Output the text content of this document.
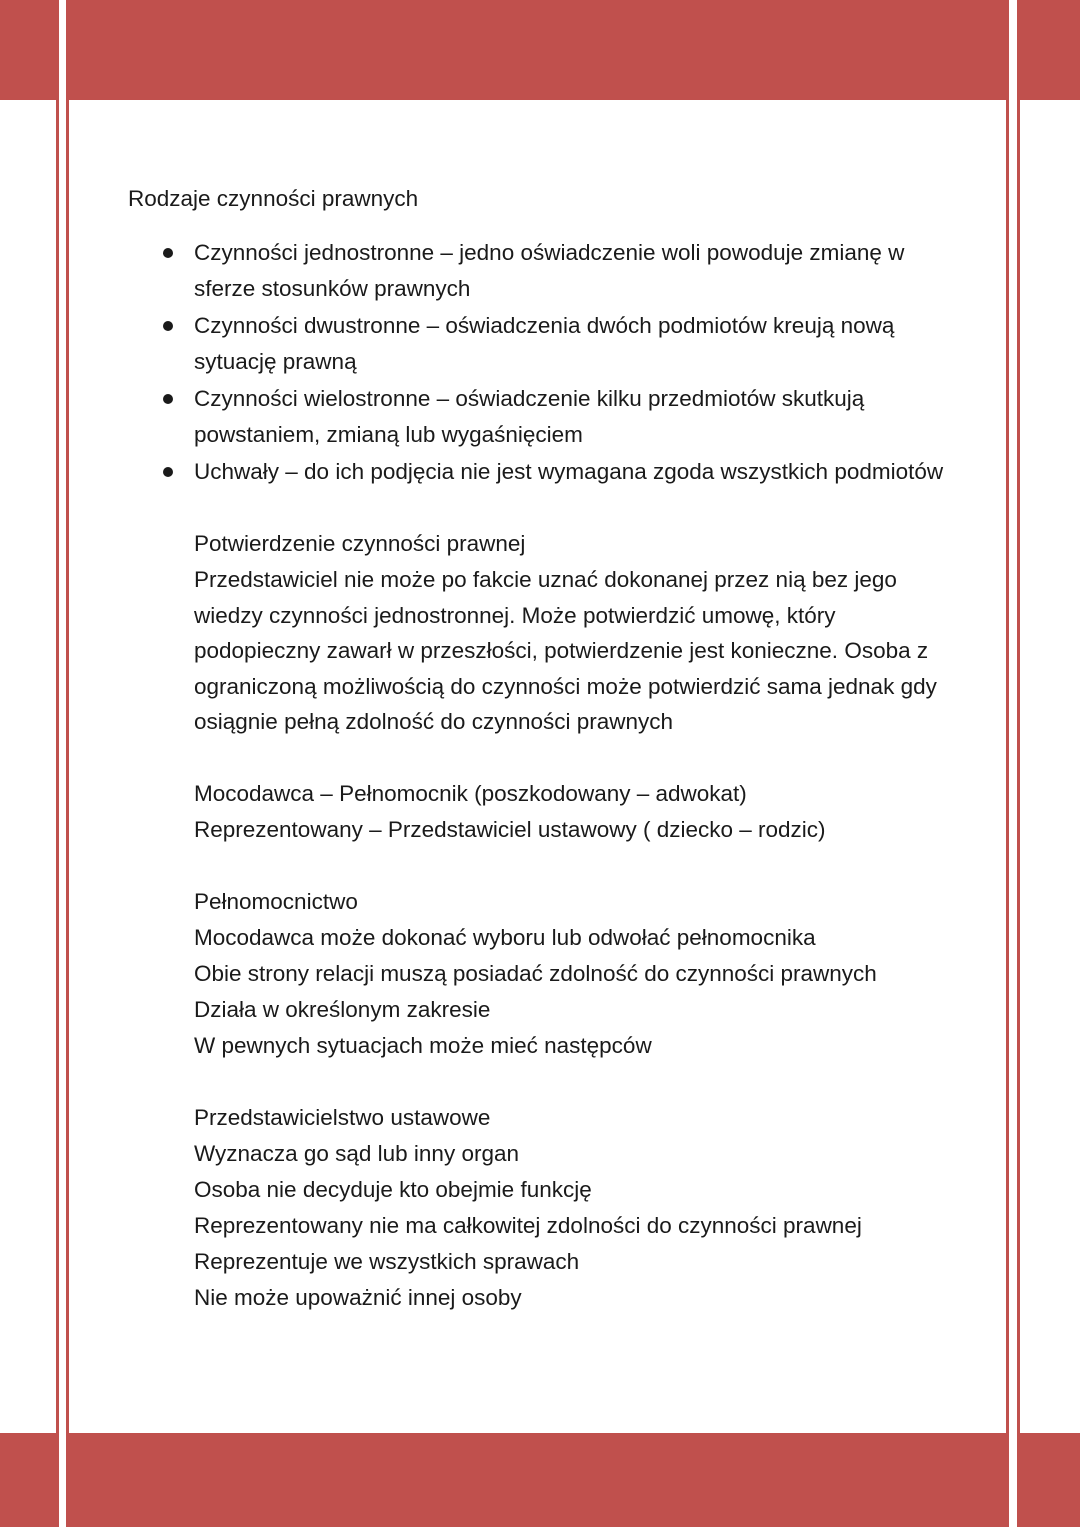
Rodzaje czynności prawnych
Czynności jednostronne – jedno oświadczenie woli powoduje zmianę w sferze stosunków prawnych
Czynności dwustronne – oświadczenia dwóch podmiotów kreują nową sytuację prawną
Czynności wielostronne – oświadczenie kilku przedmiotów skutkują powstaniem, zmianą lub wygaśnięciem
Uchwały – do ich podjęcia nie jest wymagana zgoda wszystkich podmiotów

Potwierdzenie czynności prawnej

Przedstawiciel nie może po fakcie uznać dokonanej przez nią bez jego wiedzy czynności jednostronnej. Może potwierdzić umowę, który podopieczny zawarł w przeszłości, potwierdzenie jest konieczne. Osoba z ograniczoną możliwością do czynności może potwierdzić sama jednak gdy osiągnie pełną zdolność do czynności prawnych

Mocodawca – Pełnomocnik (poszkodowany – adwokat)

Reprezentowany – Przedstawiciel ustawowy ( dziecko – rodzic)

Pełnomocnictwo

Mocodawca może dokonać wyboru lub odwołać pełnomocnika

Obie strony relacji muszą posiadać zdolność do czynności prawnych

Działa w określonym zakresie

W pewnych sytuacjach może mieć następców

Przedstawicielstwo ustawowe

Wyznacza go sąd lub inny organ

Osoba nie decyduje kto obejmie funkcję

Reprezentowany nie ma całkowitej zdolności do czynności prawnej

Reprezentuje we wszystkich sprawach

Nie może upoważnić innej osoby
